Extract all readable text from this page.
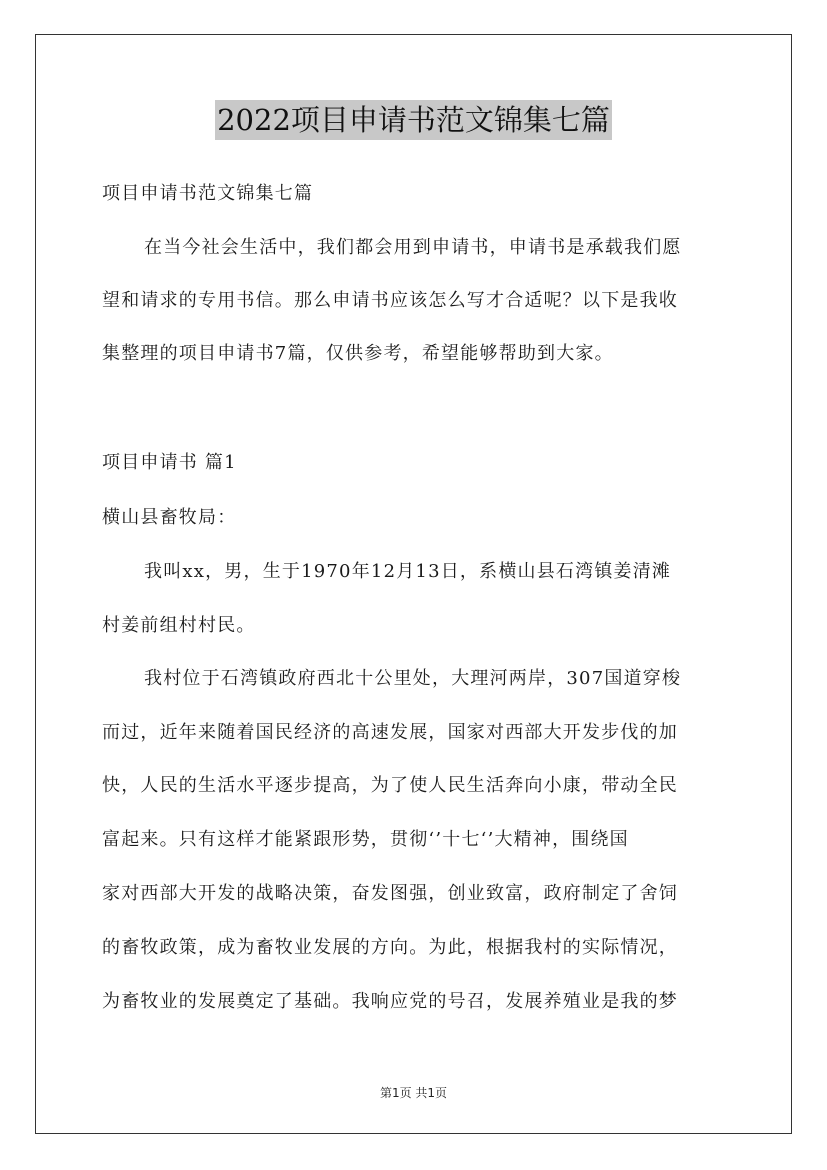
2022项目申请书范文锦集七篇
项目申请书范文锦集七篇
在当今社会生活中，我们都会用到申请书，申请书是承载我们愿
望和请求的专用书信。那么申请书应该怎么写才合适呢？以下是我收
集整理的项目申请书7篇，仅供参考，希望能够帮助到大家。
项目申请书 篇1
横山县畜牧局：
我叫xx，男，生于1970年12月13日，系横山县石湾镇姜清滩
村姜前组村村民。
我村位于石湾镇政府西北十公里处，大理河两岸，307国道穿梭
而过，近年来随着国民经济的高速发展，国家对西部大开发步伐的加
快，人民的生活水平逐步提高，为了使人民生活奔向小康，带动全民
富起来。只有这样才能紧跟形势，贯彻‘’十七‘’大精神，围绕国
家对西部大开发的战略决策，奋发图强，创业致富，政府制定了舍饲
的畜牧政策，成为畜牧业发展的方向。为此，根据我村的实际情况，
为畜牧业的发展奠定了基础。我响应党的号召，发展养殖业是我的梦
第1页 共1页
